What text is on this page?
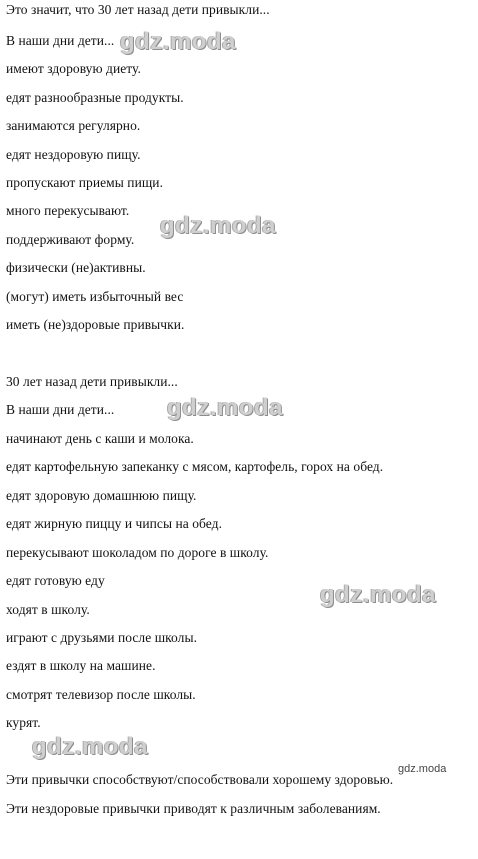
Это значит, что 30 лет назад дети привыкли...
В наши дни дети...
имеют здоровую диету.
едят разнообразные продукты.
занимаются регулярно.
едят нездоровую пищу.
пропускают приемы пищи.
много перекусывают.
поддерживают форму.
физически (не)активны.
(могут) иметь избыточный вес
иметь (не)здоровые привычки.
30 лет назад дети привыкли...
В наши дни дети...
начинают день с каши и молока.
едят картофельную запеканку с мясом, картофель, горох на обед.
едят здоровую домашнюю пищу.
едят жирную пиццу и чипсы на обед.
перекусывают шоколадом по дороге в школу.
едят готовую еду
ходят в школу.
играют с друзьями после школы.
ездят в школу на машине.
смотрят телевизор после школы.
курят.
Эти привычки способствуют/способствовали хорошему здоровью.
Эти нездоровые привычки приводят к различным заболеваниям.
gdz.moda
gdz.moda
gdz.moda
gdz.moda
gdz.moda
gdz.moda
